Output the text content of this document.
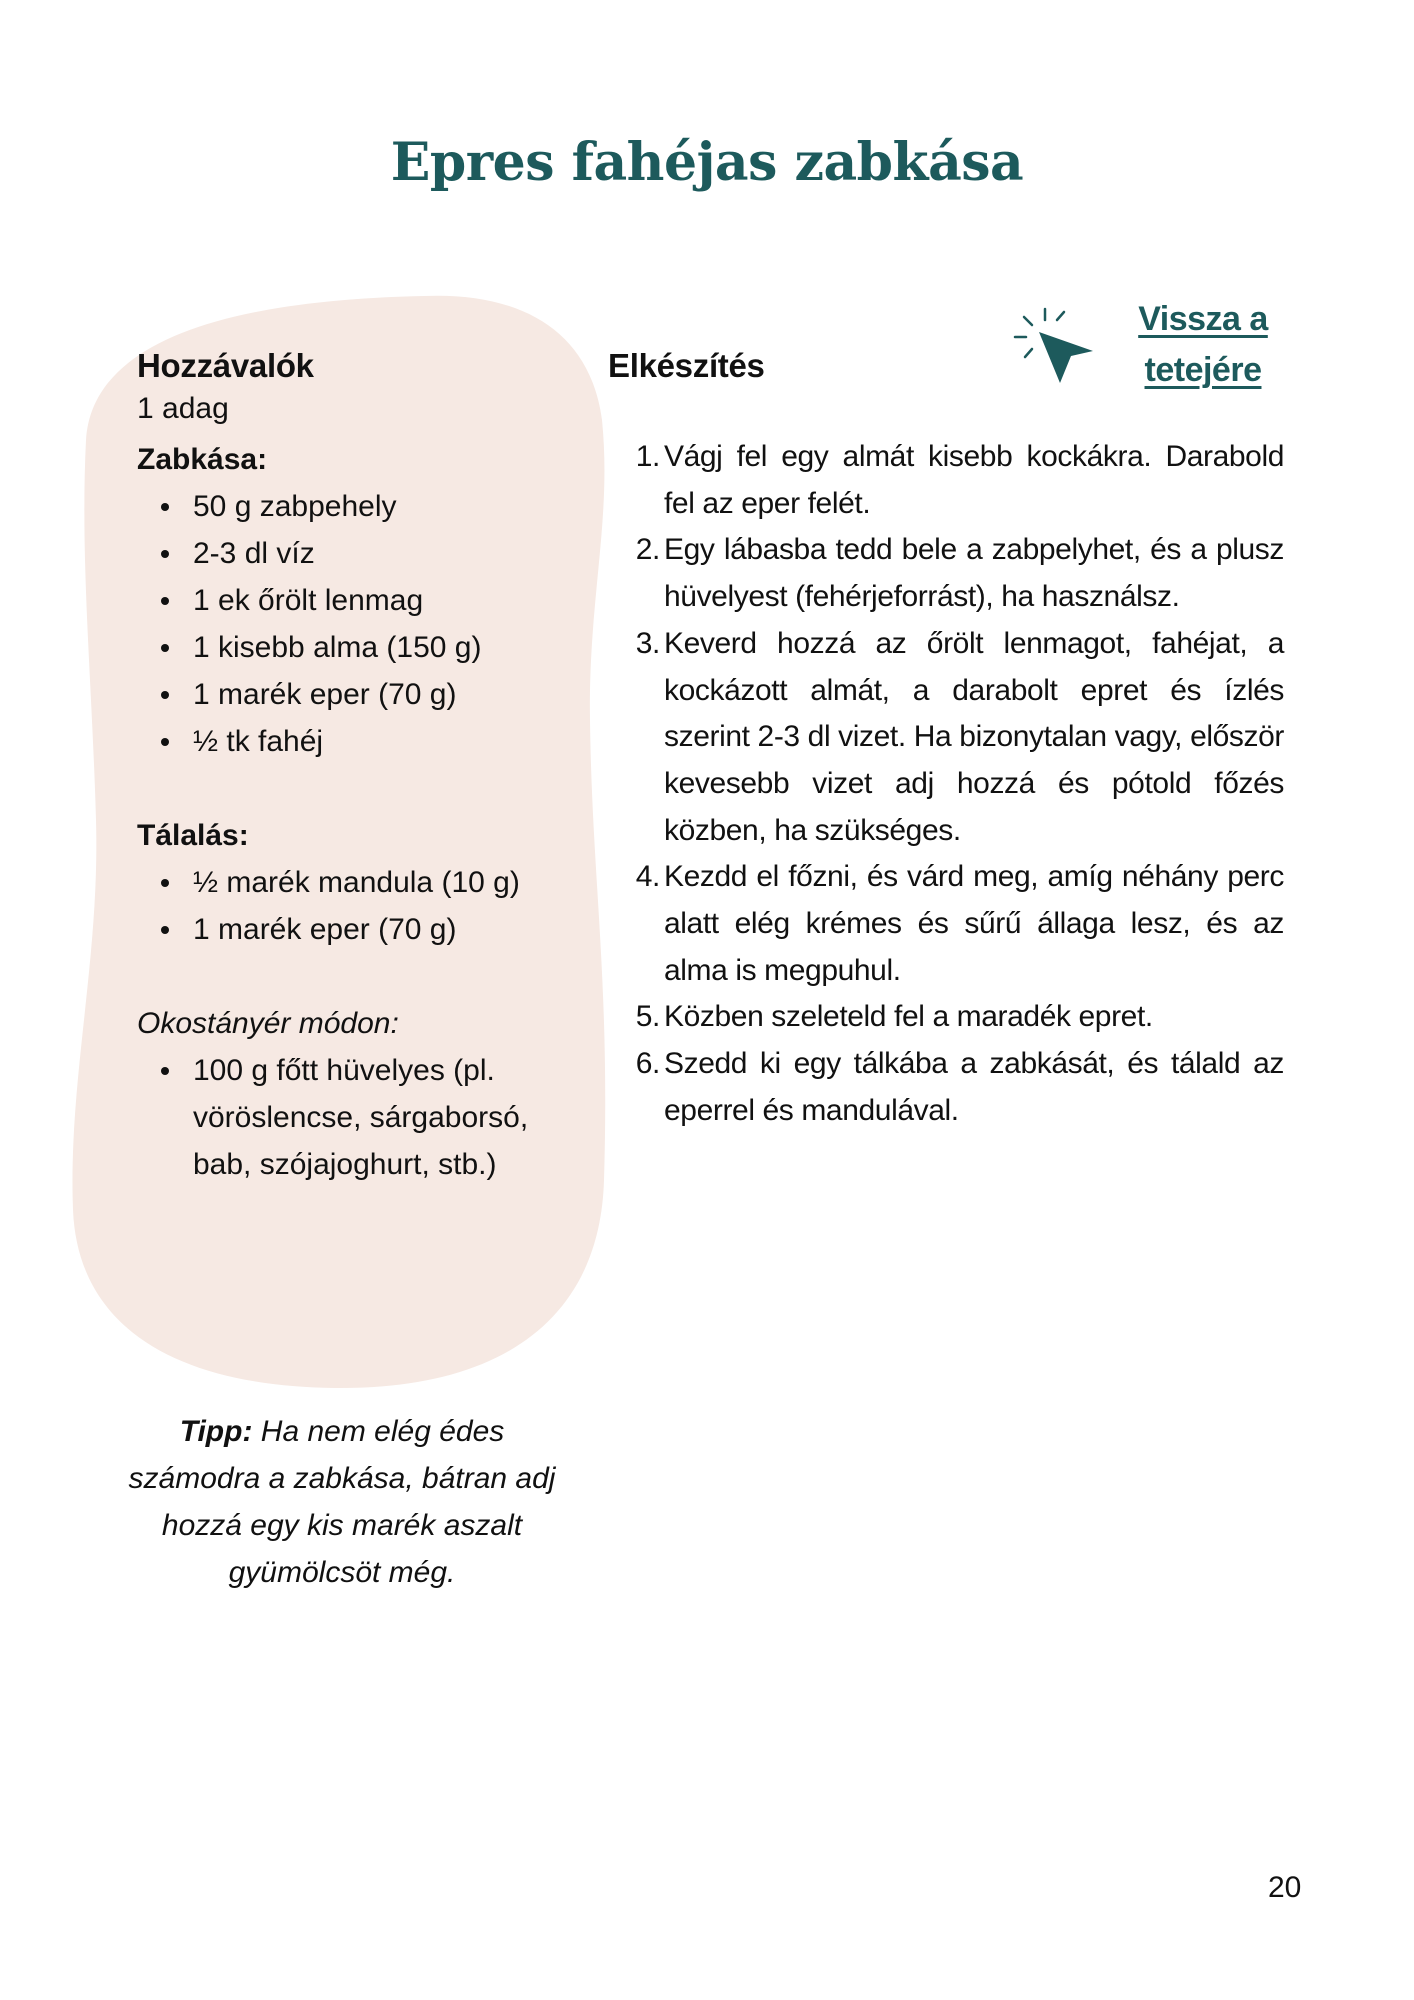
Epres fahéjas zabkása
Hozzávalók
1 adag
Zabkása:
50 g zabpehely
2-3 dl víz
1 ek őrölt lenmag
1 kisebb alma (150 g)
1 marék eper (70 g)
½ tk fahéj
Tálalás:
½ marék mandula (10 g)
1 marék eper (70 g)
Okostányér módon:
100 g főtt hüvelyes (pl. vöröslencse, sárgaborsó, bab, szójajoghurt, stb.)
Elkészítés
1. Vágj fel egy almát kisebb kockákra. Darabold fel az eper felét.
2. Egy lábasba tedd bele a zabpelyhet, és a plusz hüvelyest (fehérjeforrást), ha használsz.
3. Keverd hozzá az őrölt lenmagot, fahéjat, a kockázott almát, a darabolt epret és ízlés szerint 2-3 dl vizet. Ha bizonytalan vagy, először kevesebb vizet adj hozzá és pótold főzés közben, ha szükséges.
4. Kezdd el főzni, és várd meg, amíg néhány perc alatt elég krémes és sűrű állaga lesz, és az alma is megpuhul.
5. Közben szeleteld fel a maradék epret.
6. Szedd ki egy tálkába a zabkását, és tálald az eperrel és mandulával.
Vissza a
tetejére
Tipp: Ha nem elég édes számodra a zabkása, bátran adj hozzá egy kis marék aszalt gyümölcsöt még.
20
